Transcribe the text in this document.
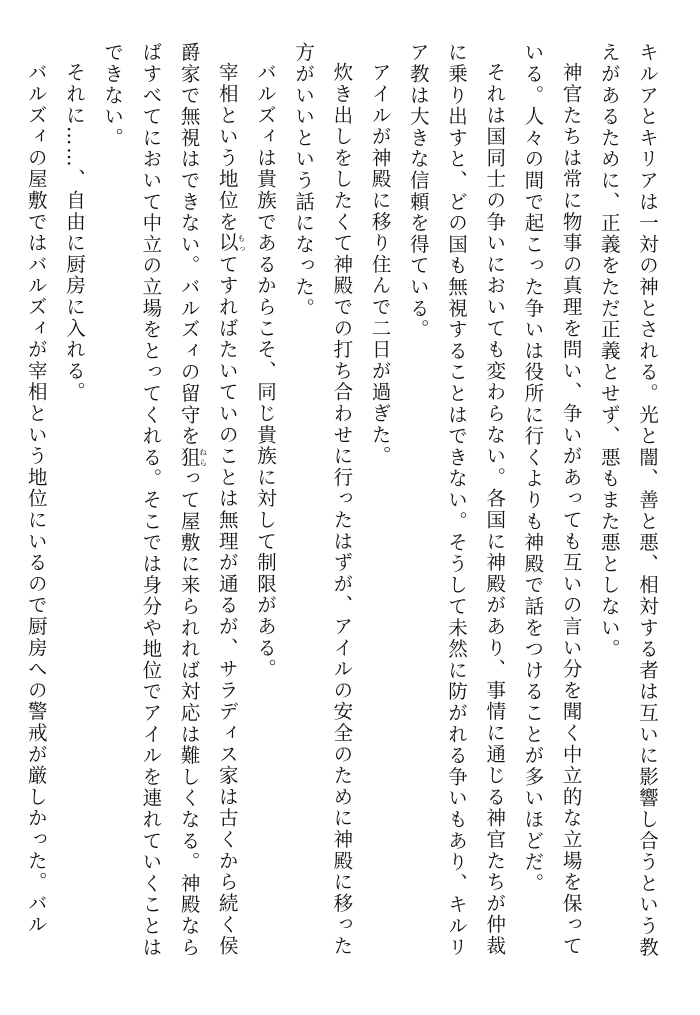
キルアとキリアは一対の神とされる。光と闇、善と悪、相対する者は互いに影響し合うという教えがあるために、正義をただ正義とせず、悪もまた悪としない。

神官たちは常に物事の真理を問い、争いがあっても互いの言い分を聞く中立的な立場を保っている。人々の間で起こった争いは役所に行くよりも神殿で話をつけることが多いほどだ。

それは国同士の争いにおいても変わらない。各国に神殿があり、事情に通じる神官たちが仲裁に乗り出すと、どの国も無視することはできない。そうして未然に防がれる争いもあり、キルリア教は大きな信頼を得ている。

アイルが神殿に移り住んで二日が過ぎた。

炊き出しをしたくて神殿での打ち合わせに行ったはずが、アイルの安全のために神殿に移った方がいいという話になった。

バルズィは貴族であるからこそ、同じ貴族に対して制限がある。

宰相という地位を以もってすればたいていのことは無理が通るが、サラディス家は古くから続く侯爵家で無視はできない。バルズィの留守を狙ねらって屋敷に来られれば対応は難しくなる。神殿ならばすべてにおいて中立の立場をとってくれる。そこでは身分や地位でアイルを連れていくことはできない。

それに……、自由に厨房に入れる。

バルズィの屋敷ではバルズィが宰相という地位にいるので厨房への警戒が厳しかった。バル
